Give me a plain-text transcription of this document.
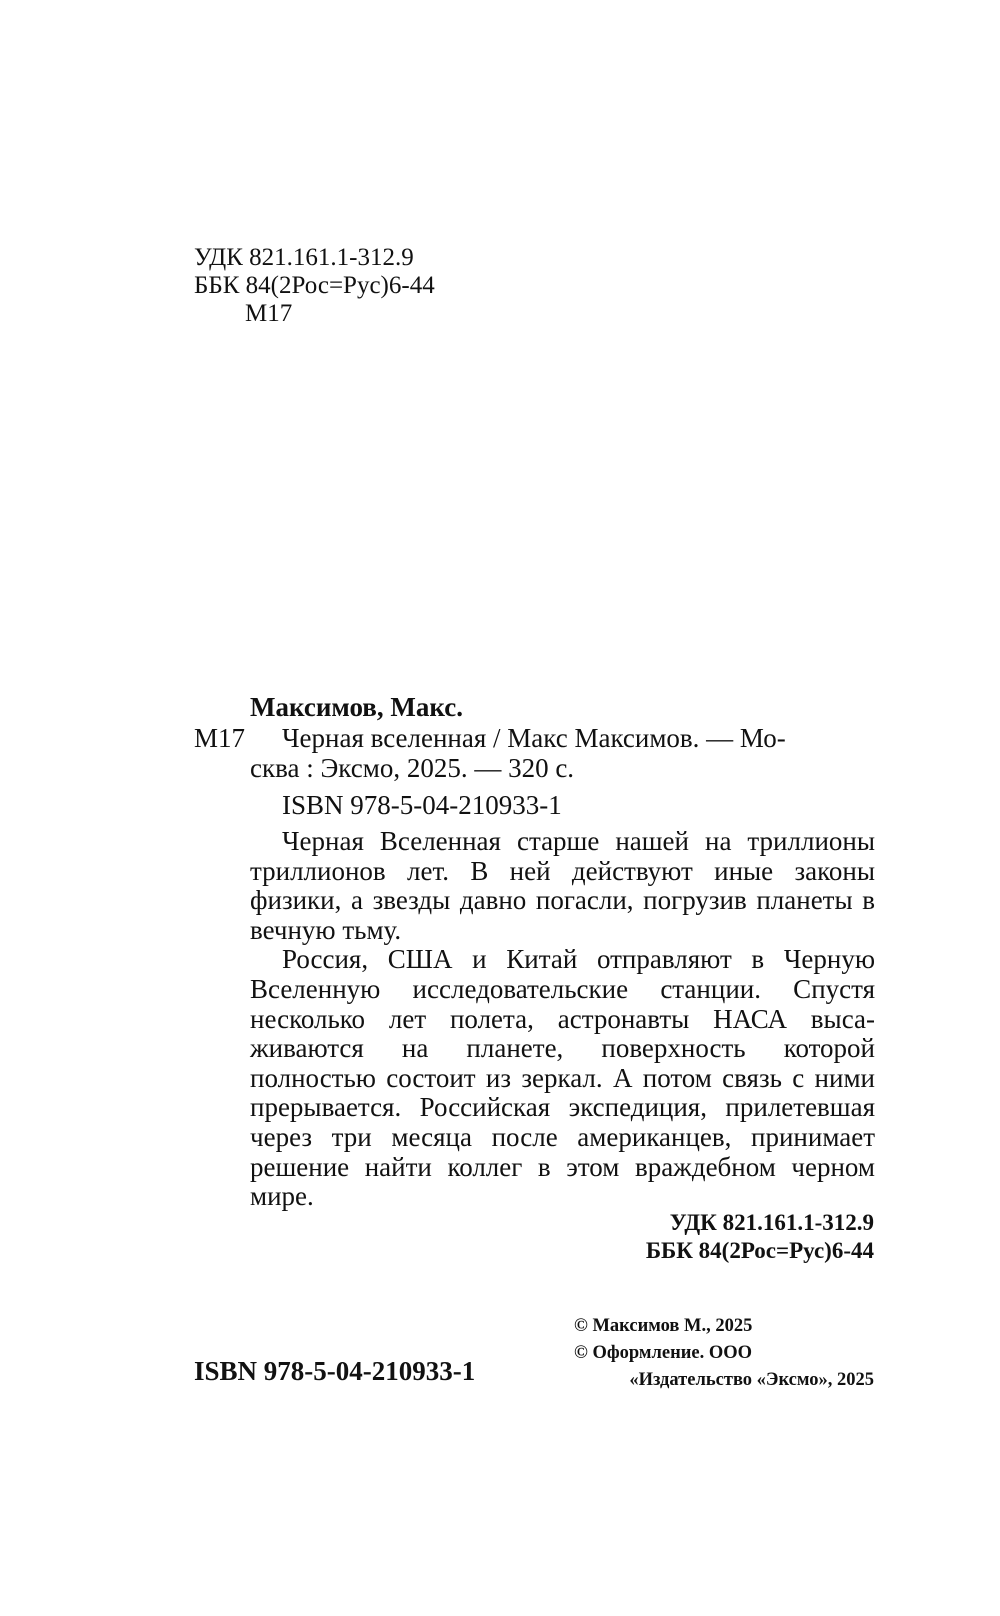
УДК 821.161.1-312.9
ББК 84(2Рос=Рус)6-44
М17
Максимов, Макс.
М17 Черная вселенная / Макс Максимов. — Мо-
сква : Эксмо, 2025. — 320 с.
ISBN 978-5-04-210933-1

Черная Вселенная старше нашей на триллионы триллионов лет. В ней действуют иные законы физики, а звезды давно погасли, погрузив планеты в вечную тьму.

Россия, США и Китай отправляют в Черную Вселенную исследовательские станции. Спустя несколько лет полета, астронавты НАСА высаживаются на планете, поверхность которой полностью состоит из зеркал. А потом связь с ними прерывается. Российская экспедиция, прилетевшая через три месяца после американцев, принимает решение найти коллег в этом враждебном черном мире.

УДК 821.161.1-312.9
ББК 84(2Рос=Рус)6-44
ISBN 978-5-04-210933-1
© Максимов М., 2025
© Оформление. ООО
«Издательство «Эксмо», 2025
